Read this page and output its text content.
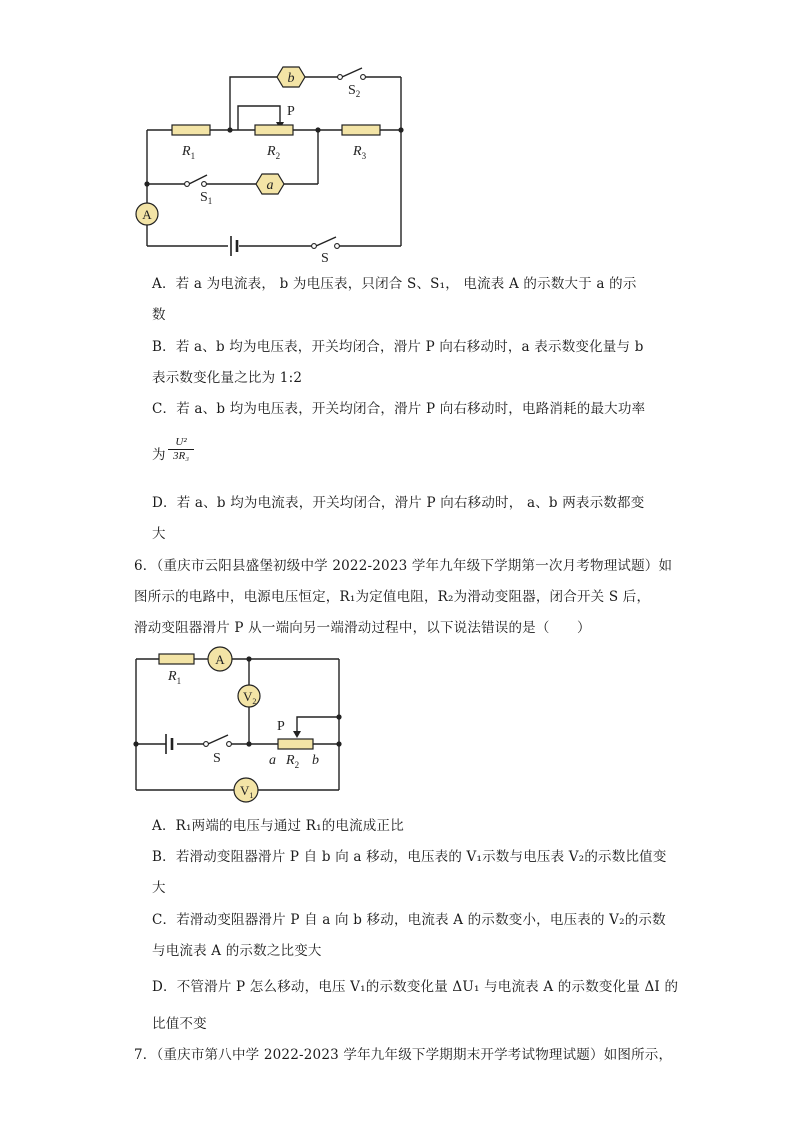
b
a
A
$S_2$
P
$R_1$	$R_2$	$R_3$
$S_1$
S
A．若 a 为电流表， b 为电压表，只闭合 S、S₁， 电流表 A 的示数大于 a 的示
数
B．若 a、b 均为电压表，开关均闭合，滑片 P 向右移动时，a 表示数变化量与 b
表示数变化量之比为 1:2
C．若 a、b 均为电压表，开关均闭合，滑片 P 向右移动时，电路消耗的最大功率
为 $\frac{\text{U²}}{\text{3R₃}}$
D．若 a、b 均为电流表，开关均闭合，滑片 P 向右移动时， a、b 两表示数都变
大
6．（重庆市云阳县盛堡初级中学 2022-2023 学年九年级下学期第一次月考物理试题）如
图所示的电路中，电源电压恒定，R₁为定值电阻，R₂为滑动变阻器，闭合开关 S 后，
滑动变阻器滑片 P 从一端向另一端滑动过程中，以下说法错误的是（　　）
A
$V_2$
$V_1$
$R_1$
P
S	a $R_2$ b
A．R₁两端的电压与通过 R₁的电流成正比
B．若滑动变阻器滑片 P 自 b 向 a 移动，电压表的 V₁示数与电压表 V₂的示数比值变
大
C．若滑动变阻器滑片 P 自 a 向 b 移动，电流表 A 的示数变小，电压表的 V₂的示数
与电流表 A 的示数之比变大
D．不管滑片 P 怎么移动，电压 V₁的示数变化量 ΔU₁ 与电流表 A 的示数变化量 ΔI 的
比值不变
7．（重庆市第八中学 2022-2023 学年九年级下学期期末开学考试物理试题）如图所示，
